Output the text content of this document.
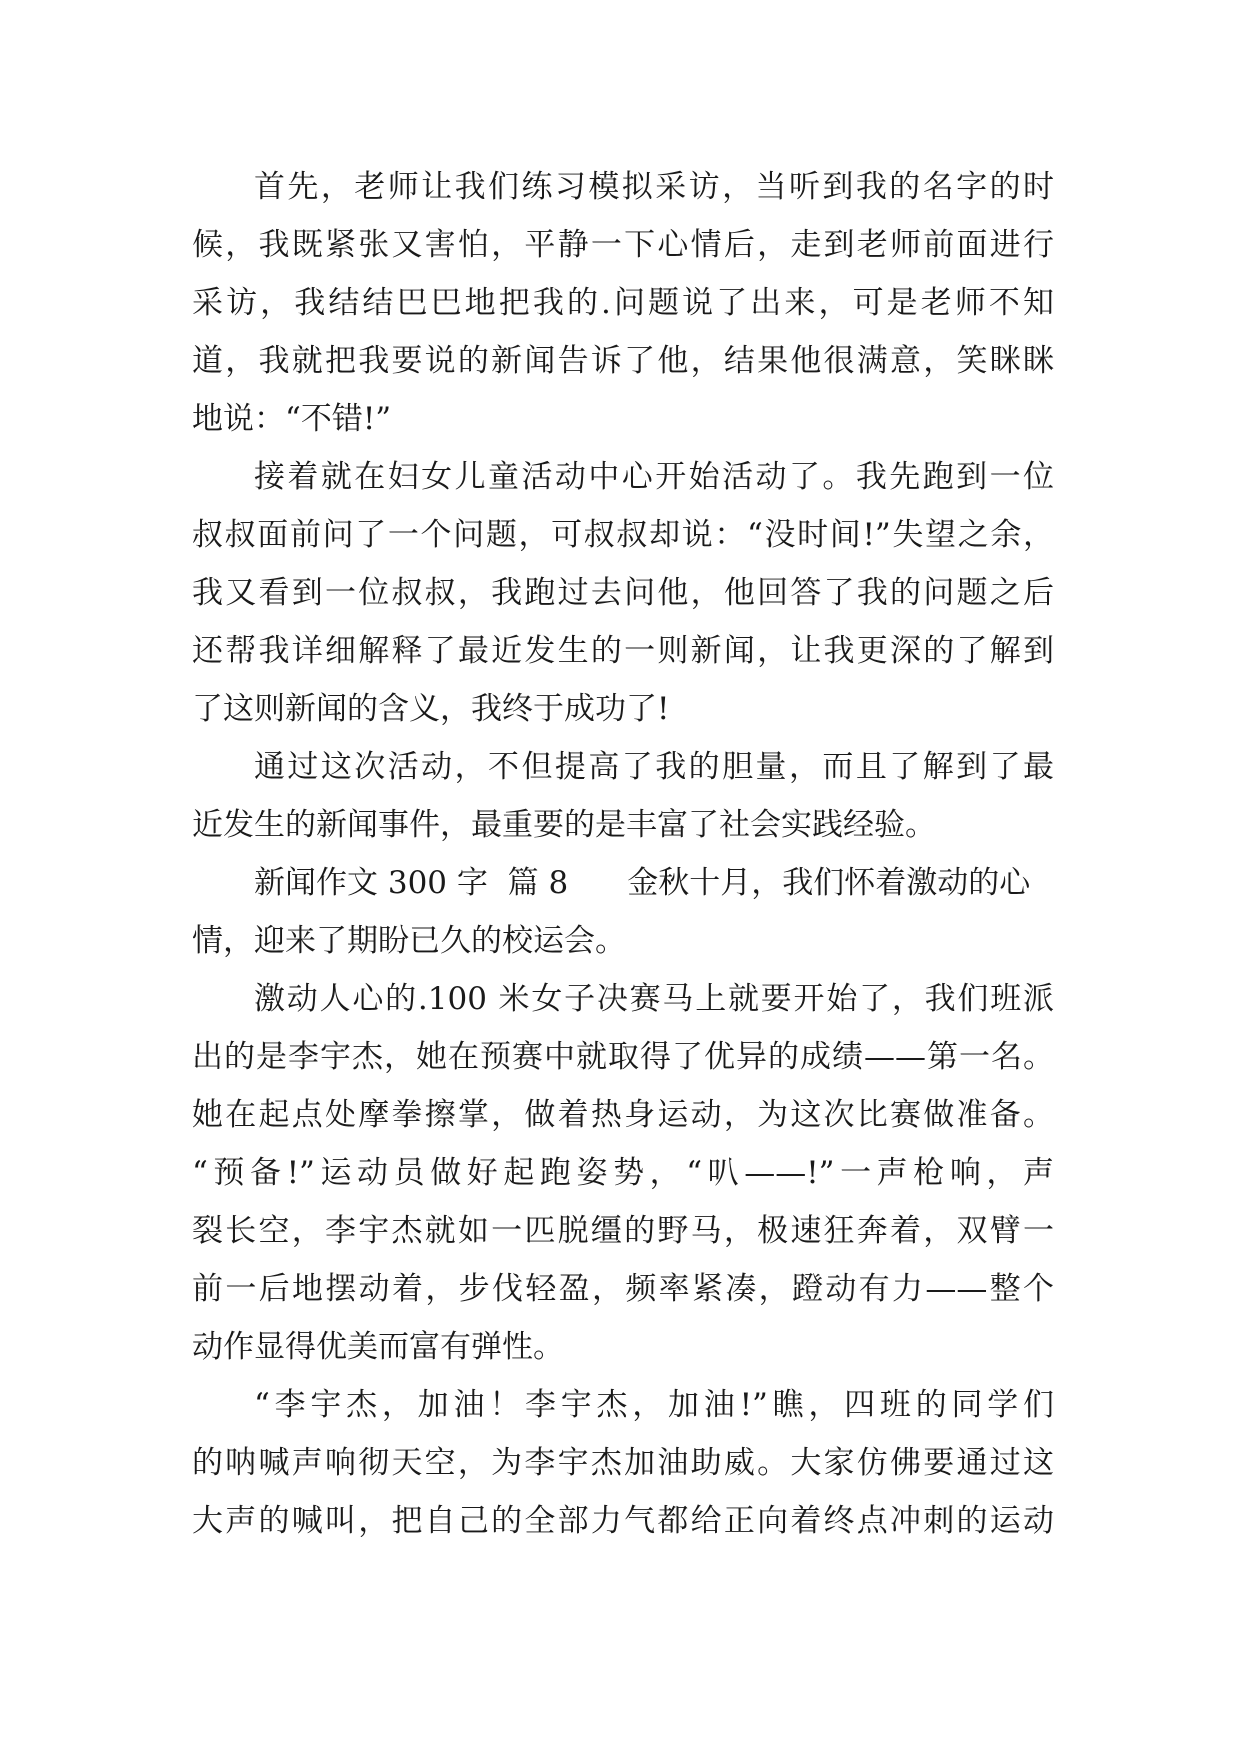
首先，老师让我们练习模拟采访，当听到我的名字的时
候，我既紧张又害怕，平静一下心情后，走到老师前面进行
采访，我结结巴巴地把我的.问题说了出来，可是老师不知
道，我就把我要说的新闻告诉了他，结果他很满意，笑眯眯
地说：“不错!”
接着就在妇女儿童活动中心开始活动了。我先跑到一位
叔叔面前问了一个问题，可叔叔却说：“没时间!”失望之余，
我又看到一位叔叔，我跑过去问他，他回答了我的问题之后
还帮我详细解释了最近发生的一则新闻，让我更深的了解到
了这则新闻的含义，我终于成功了!
通过这次活动，不但提高了我的胆量，而且了解到了最
近发生的新闻事件，最重要的是丰富了社会实践经验。
新闻作文 300 字  篇 8      金秋十月，我们怀着激动的心
情，迎来了期盼已久的校运会。
激动人心的.100 米女子决赛马上就要开始了，我们班派
出的是李宇杰，她在预赛中就取得了优异的成绩——第一名。
她在起点处摩拳擦掌，做着热身运动，为这次比赛做准备。
“预备!”运动员做好起跑姿势，“叭——!”一声枪响，声
裂长空，李宇杰就如一匹脱缰的野马，极速狂奔着，双臂一
前一后地摆动着，步伐轻盈，频率紧凑，蹬动有力——整个
动作显得优美而富有弹性。
“李宇杰，加油！李宇杰，加油!”瞧，四班的同学们
的呐喊声响彻天空，为李宇杰加油助威。大家仿佛要通过这
大声的喊叫，把自己的全部力气都给正向着终点冲刺的运动
